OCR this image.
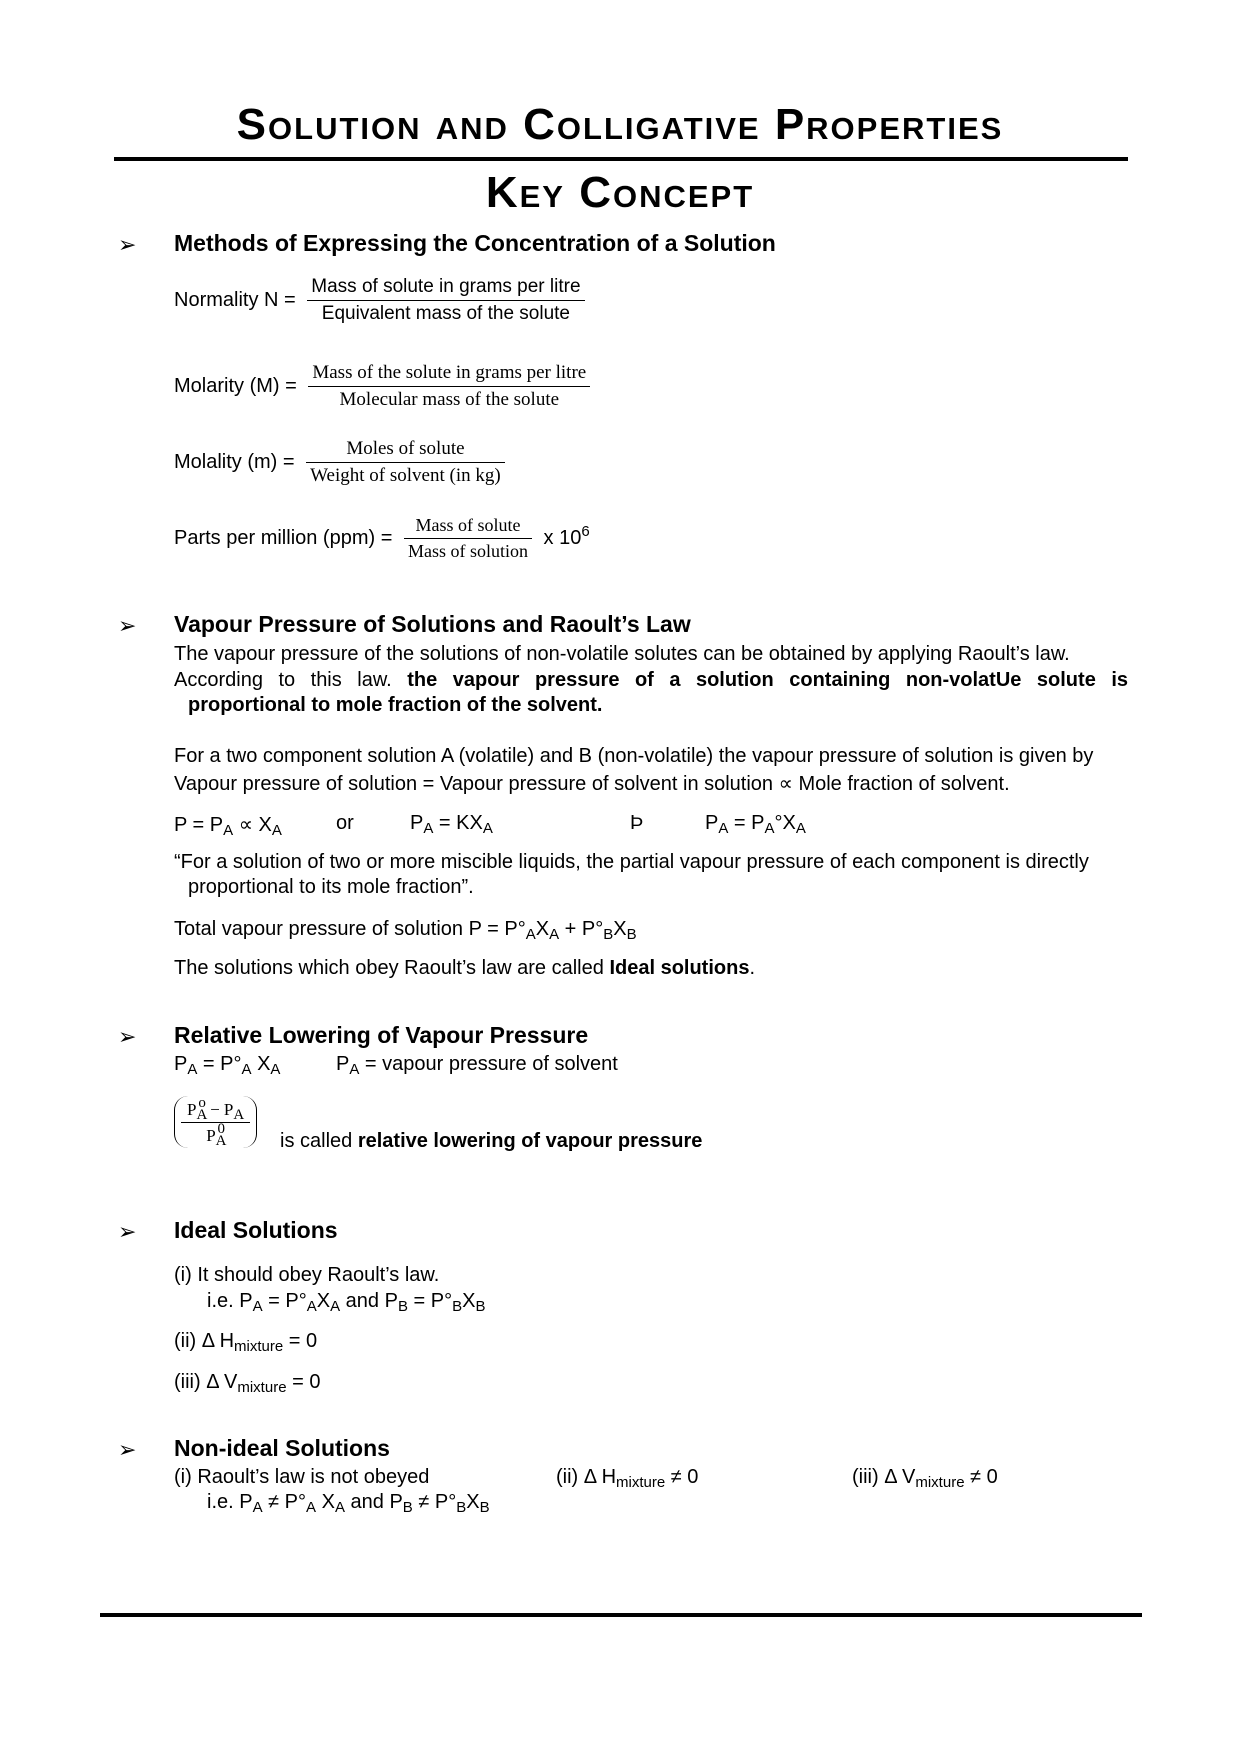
Solution and Colligative Properties
Key Concept
➢ Methods of Expressing the Concentration of a Solution
Normality $N = \frac{\text{Mass of solute in grams per litre}}{\text{Equivalent mass of the solute}}$
Molarity $(M) = \frac{\text{Mass of the solute in grams per litre}}{\text{Molecular mass of the solute}}$
Molality $(m) = \frac{\text{Moles of solute}}{\text{Weight of solvent (in kg)}}$
Parts per million $(ppm) = \frac{\text{Mass of solute}}{\text{Mass of solution}}$ x $10^6$
➢ Vapour Pressure of Solutions and Raoult’s Law
The vapour pressure of the solutions of non-volatile solutes can be obtained by applying Raoult’s law.
According to this law. the vapour pressure of a solution containing non-volatUe solute is
proportional to mole fraction of the solvent.
For a two component solution A (volatile) and B (non-volatile) the vapour pressure of solution is given by
Vapour pressure of solution = Vapour pressure of solvent in solution ∝ Mole fraction of solvent.
$P = P_A \propto X_A$	or	$P_A = KX_A$	Þ	$P_A = P_A^\circ X_A$
“For a solution of two or more miscible liquids, the partial vapour pressure of each component is directly
proportional to its mole fraction”.
Total vapour pressure of solution $P = P^\circ_AX_A + P^\circ_BX_B$
The solutions which obey Raoult’s law are called Ideal solutions.
➢ Relative Lowering of Vapour Pressure
$P_A = P^\circ_A$ $X_A$	$P_A$ = vapour pressure of solvent
$\frac{P_A^o - P_A}{P_A^0}$ is called relative lowering of vapour pressure
➢ Ideal Solutions
(i) It should obey Raoult’s law.
i.e. $P_A = P^\circ_AX_A$ and $P_B = P^\circ_BX_B$
(ii) Δ $H_{mixture} = 0$
(iii) Δ $V_{mixture} = 0$
➢ Non-ideal Solutions
(i) Raoult’s law is not obeyed	(ii) Δ $H_{mixture} \ne 0$	(iii) Δ $V_{mixture} \ne 0$
i.e. $P_A \ne P^\circ_A$ $X_A$ and $P_B \ne P^\circ_BX_B$
